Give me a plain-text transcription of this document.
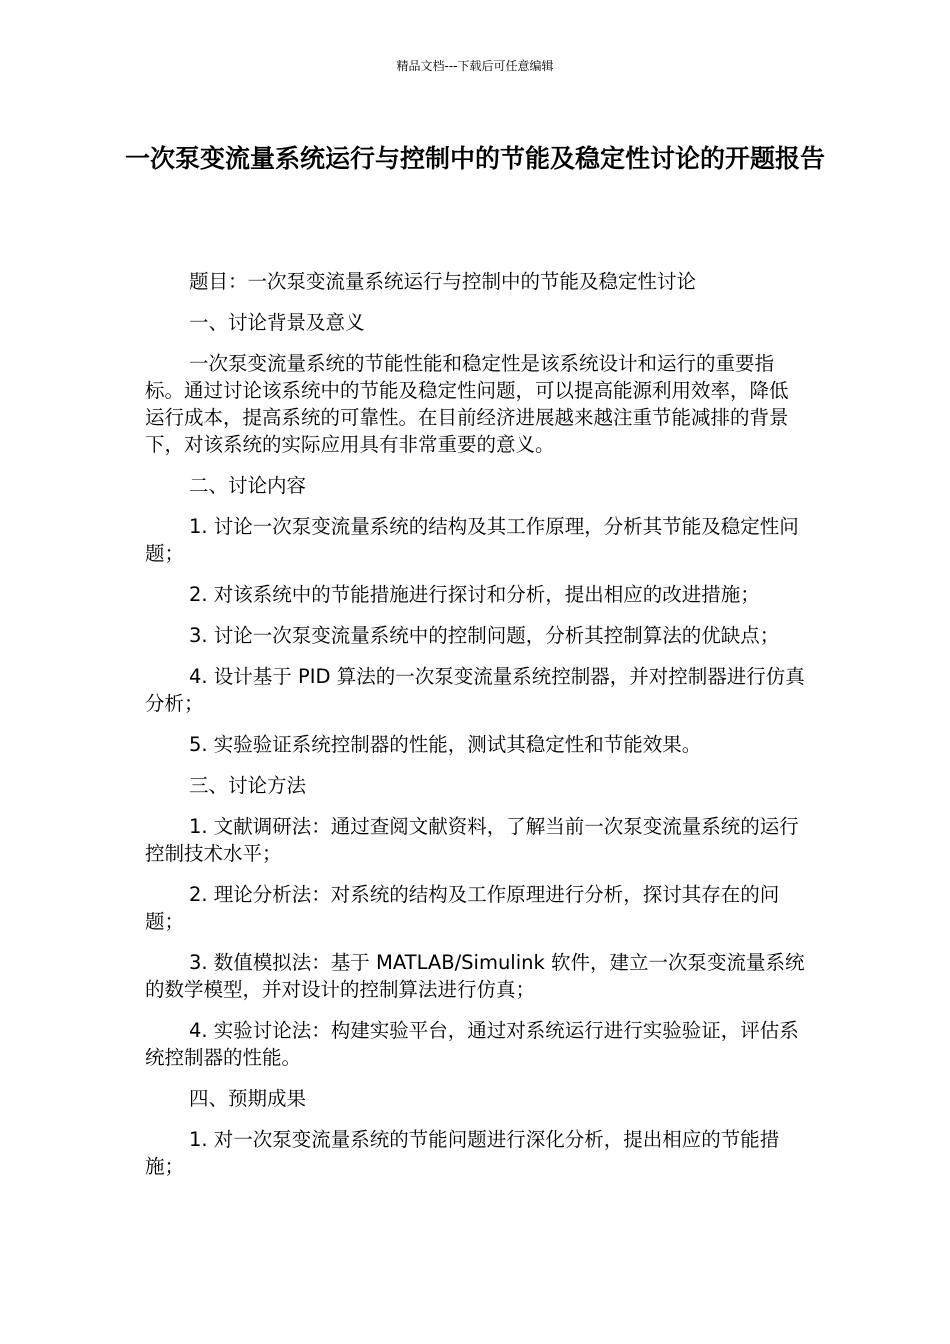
精品文档---下载后可任意编辑
一次泵变流量系统运行与控制中的节能及稳定性讨论的开题报告

题目：一次泵变流量系统运行与控制中的节能及稳定性讨论

一、讨论背景及意义

一次泵变流量系统的节能性能和稳定性是该系统设计和运行的重要指标。通过讨论该系统中的节能及稳定性问题，可以提高能源利用效率，降低运行成本，提高系统的可靠性。在目前经济进展越来越注重节能减排的背景下，对该系统的实际应用具有非常重要的意义。

二、讨论内容

1. 讨论一次泵变流量系统的结构及其工作原理，分析其节能及稳定性问题；

2. 对该系统中的节能措施进行探讨和分析，提出相应的改进措施；

3. 讨论一次泵变流量系统中的控制问题，分析其控制算法的优缺点；

4. 设计基于 PID 算法的一次泵变流量系统控制器，并对控制器进行仿真分析；

5. 实验验证系统控制器的性能，测试其稳定性和节能效果。

三、讨论方法

1. 文献调研法：通过查阅文献资料，了解当前一次泵变流量系统的运行控制技术水平；

2. 理论分析法：对系统的结构及工作原理进行分析，探讨其存在的问题；

3. 数值模拟法：基于 MATLAB/Simulink 软件，建立一次泵变流量系统的数学模型，并对设计的控制算法进行仿真；

4. 实验讨论法：构建实验平台，通过对系统运行进行实验验证，评估系统控制器的性能。

四、预期成果

1. 对一次泵变流量系统的节能问题进行深化分析，提出相应的节能措施；
